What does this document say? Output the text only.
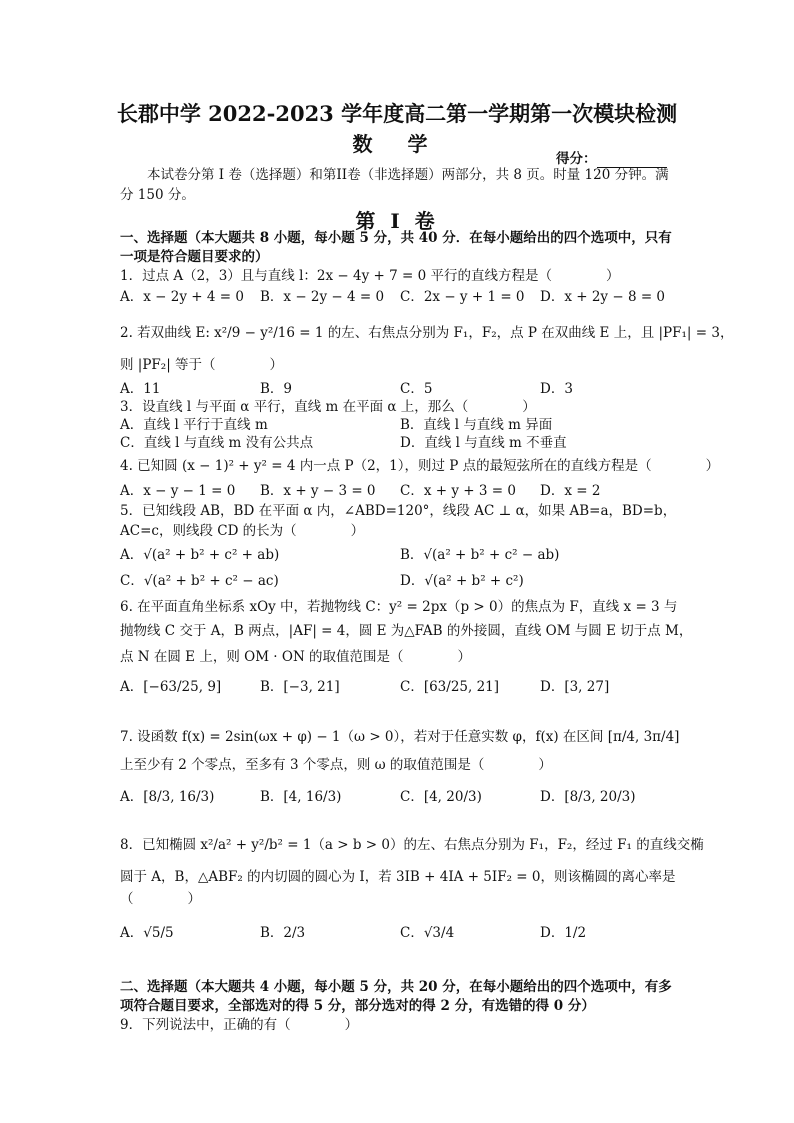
长郡中学 2022-2023 学年度高二第一学期第一次模块检测
数 学
得分：
本试卷分第 I 卷（选择题）和第II卷（非选择题）两部分，共 8 页。时量 120 分钟。满
分 150 分。
第 I 卷
一、选择题（本大题共 8 小题，每小题 5 分，共 40 分．在每小题给出的四个选项中，只有
一项是符合题目要求的）
1．过点 A（2，3）且与直线 l：2x − 4y + 7 = 0 平行的直线方程是（　　　　）
A．x − 2y + 4 = 0 B．x − 2y − 4 = 0 C．2x − y + 1 = 0 D．x + 2y − 8 = 0
2. 若双曲线 E: x²/9 − y²/16 = 1 的左、右焦点分别为 F₁，F₂，点 P 在双曲线 E 上，且 |PF₁| = 3，
则 |PF₂| 等于（　　　　）
A．11	B．9	C．5	D．3
3．设直线 l 与平面 α 平行，直线 m 在平面 α 上，那么（　　　　）
A．直线 l 平行于直线 m	B．直线 l 与直线 m 异面
C．直线 l 与直线 m 没有公共点	D．直线 l 与直线 m 不垂直
4. 已知圆 (x − 1)² + y² = 4 内一点 P（2，1），则过 P 点的最短弦所在的直线方程是（　　　　）
A．x − y − 1 = 0 B．x + y − 3 = 0 C．x + y + 3 = 0 D．x = 2
5．已知线段 AB，BD 在平面 α 内，∠ABD=120°，线段 AC ⊥ α，如果 AB=a，BD=b，
AC=c，则线段 CD 的长为（　　　　）
A．√(a² + b² + c² + ab)	B．√(a² + b² + c² − ab)
C．√(a² + b² + c² − ac)	D．√(a² + b² + c²)
6. 在平面直角坐标系 xOy 中，若抛物线 C：y² = 2px（p > 0）的焦点为 F，直线 x = 3 与
抛物线 C 交于 A，B 两点，|AF| = 4，圆 E 为△FAB 的外接圆，直线 OM 与圆 E 切于点 M，
点 N 在圆 E 上，则 OM · ON 的取值范围是（　　　　）
A．[−63/25, 9]	B．[−3, 21]	C．[63/25, 21]	D．[3, 27]
7. 设函数 f(x) = 2sin(ωx + φ) − 1（ω > 0），若对于任意实数 φ，f(x) 在区间 [π/4, 3π/4]
上至少有 2 个零点，至多有 3 个零点，则 ω 的取值范围是（　　　　）
A．[8/3, 16/3)	B．[4, 16/3)	C．[4, 20/3)	D．[8/3, 20/3)
8．已知椭圆 x²/a² + y²/b² = 1（a > b > 0）的左、右焦点分别为 F₁，F₂，经过 F₁ 的直线交椭
圆于 A，B，△ABF₂ 的内切圆的圆心为 I，若 3IB + 4IA + 5IF₂ = 0，则该椭圆的离心率是
（　　　　）
A．√5/5	B．2/3	C．√3/4	D．1/2
二、选择题（本大题共 4 小题，每小题 5 分，共 20 分，在每小题给出的四个选项中，有多
项符合题目要求，全部选对的得 5 分，部分选对的得 2 分，有选错的得 0 分）
9．下列说法中，正确的有（　　　　）
